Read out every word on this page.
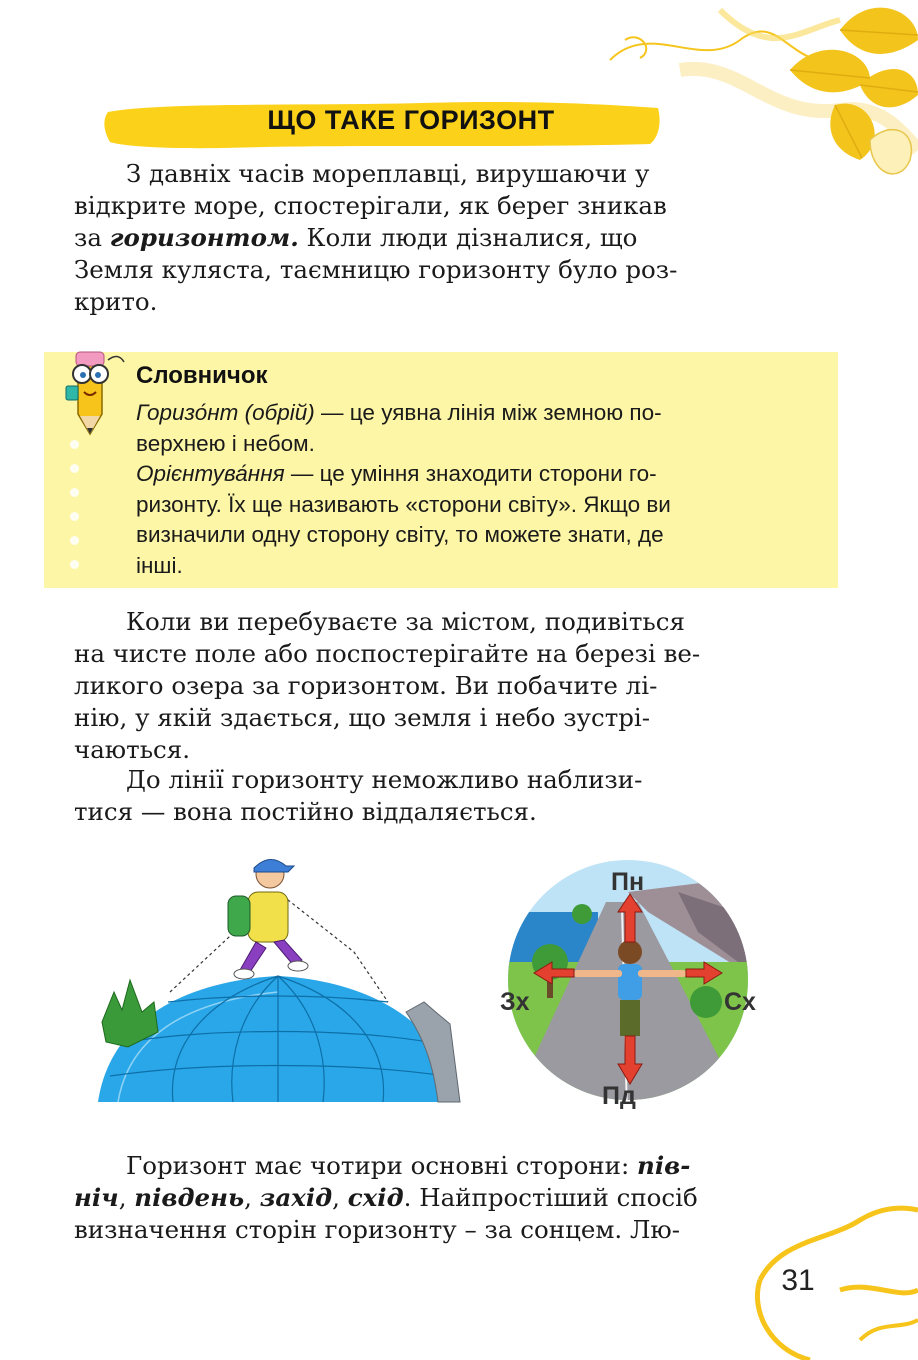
ЩО ТАКЕ ГОРИЗОНТ
З давніх часів мореплавці, вирушаючи у
відкрите море, спостерігали, як берег зникав
за горизонтом. Коли люди дізналися, що
Земля куляста, таємницю горизонту було роз-
крито.
Словничок
Горизо́нт (обрій) — це уявна лінія між земною по-
верхнею і небом.
Орієнтува́ння — це уміння знаходити сторони го-
ризонту. Їх ще називають «сторони світу». Якщо ви
визначили одну сторону світу, то можете знати, де
інші.
Коли ви перебуваєте за містом, подивіться
на чисте поле або поспостерігайте на березі ве-
ликого озера за горизонтом. Ви побачите лі-
нію, у якій здається, що земля і небо зустрі-
чаються.
До лінії горизонту неможливо наблизи-
тися — вона постійно віддаляється.
Пн
Пд
Зх	Сх
Горизонт має чотири основні сторони: пів-
ніч, південь, захід, схід. Найпростіший спосіб
визначення сторін горизонту – за сонцем. Лю-
31
